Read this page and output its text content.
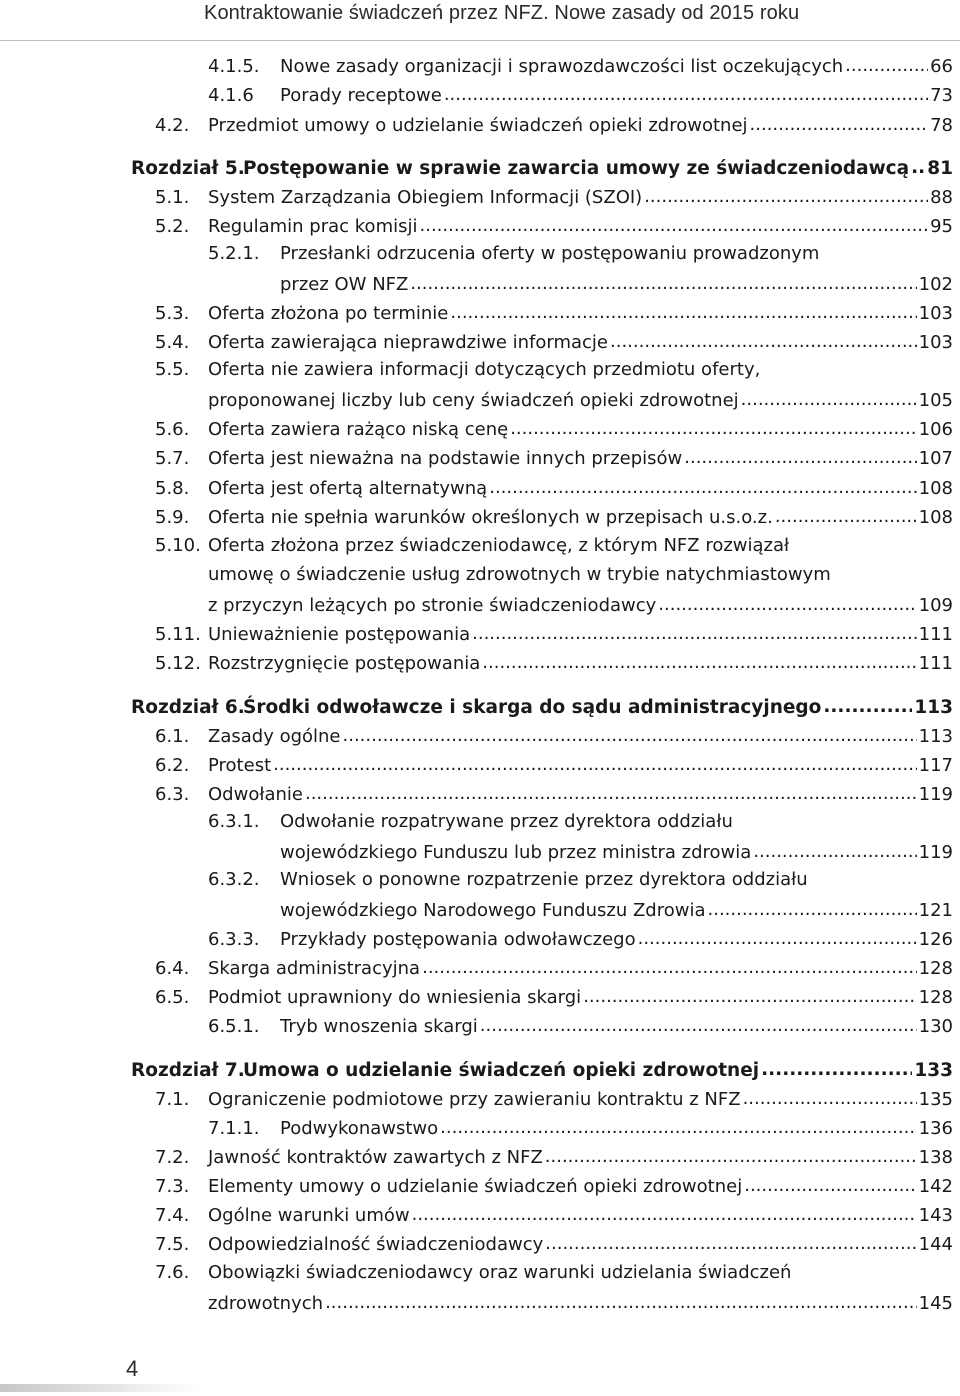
Kontraktowanie świadczeń przez NFZ. Nowe zasady od 2015 roku
4.1.5.	Nowe zasady organizacji i sprawozdawczości list oczekujących .....	66
4.1.6	Porady receptowe .....	73
4.2.	Przedmiot umowy o udzielanie świadczeń opieki zdrowotnej .....	78
Rozdział 5.
Postępowanie w sprawie zawarcia umowy ze świadczeniodawcą ..... 81
5.1.	System Zarządzania Obiegiem Informacji (SZOI) .....	88
5.2.	Regulamin prac komisji .....	95
5.2.1.	Przesłanki odrzucenia oferty w postępowaniu prowadzonym
przez OW NFZ .....	102
5.3.	Oferta złożona po terminie .....	103
5.4.	Oferta zawierająca nieprawdziwe informacje .....	103
5.5.	Oferta nie zawiera informacji dotyczących przedmiotu oferty,
proponowanej liczby lub ceny świadczeń opieki zdrowotnej .....	105
5.6.	Oferta zawiera rażąco niską cenę .....	106
5.7.	Oferta jest nieważna na podstawie innych przepisów .....	107
5.8.	Oferta jest ofertą alternatywną .....	108
5.9.	Oferta nie spełnia warunków określonych w przepisach u.s.o.z. .....	108
5.10. Oferta złożona przez świadczeniodawcę, z którym NFZ rozwiązał
umowę o świadczenie usług zdrowotnych w trybie natychmiastowym
z przyczyn leżących po stronie świadczeniodawcy .....	109
5.11. Unieważnienie postępowania .....	111
5.12. Rozstrzygnięcie postępowania .....	111
Rozdział 6.
Środki odwoławcze i skarga do sądu administracyjnego .....	113
6.1.	Zasady ogólne .....	113
6.2.	Protest .....	117
6.3.	Odwołanie .....	119
6.3.1.	Odwołanie rozpatrywane przez dyrektora oddziału
wojewódzkiego Funduszu lub przez ministra zdrowia .....	119
6.3.2.	Wniosek o ponowne rozpatrzenie przez dyrektora oddziału
wojewódzkiego Narodowego Funduszu Zdrowia .....	121
6.3.3.	Przykłady postępowania odwoławczego .....	126
6.4.	Skarga administracyjna .....	128
6.5.	Podmiot uprawniony do wniesienia skargi .....	128
6.5.1.	Tryb wnoszenia skargi .....	130
Rozdział 7.
Umowa o udzielanie świadczeń opieki zdrowotnej .....	133
7.1.	Ograniczenie podmiotowe przy zawieraniu kontraktu z NFZ .....	135
7.1.1.	Podwykonawstwo .....	136
7.2.	Jawność kontraktów zawartych z NFZ .....	138
7.3.	Elementy umowy o udzielanie świadczeń opieki zdrowotnej .....	142
7.4.	Ogólne warunki umów .....	143
7.5.	Odpowiedzialność świadczeniodawcy .....	144
7.6.	Obowiązki świadczeniodawcy oraz warunki udzielania świadczeń
zdrowotnych .....	145
4
